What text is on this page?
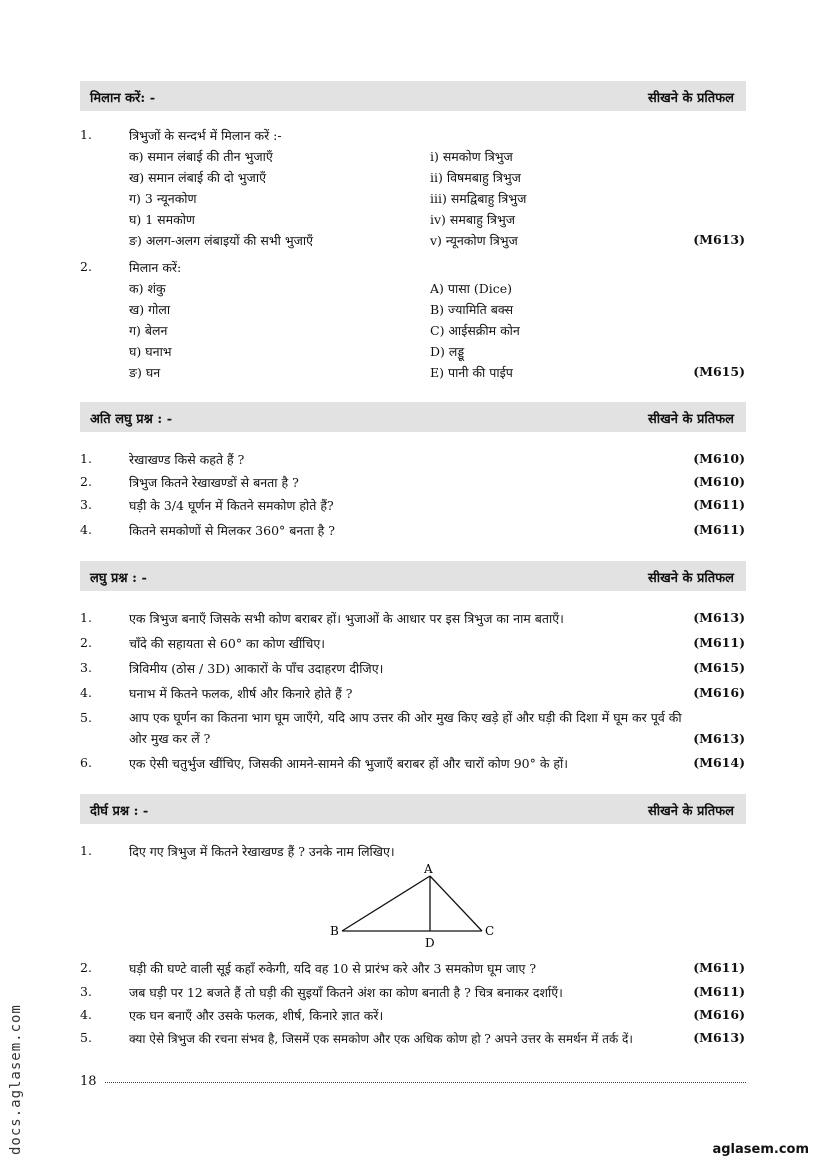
मिलान करें: -	सीखने के प्रतिफल
1.	त्रिभुजों के सन्दर्भ में मिलान करें :-
क) समान लंबाई की तीन भुजाएँ	i) समकोण त्रिभुज
ख) समान लंबाई की दो भुजाएँ	ii) विषमबाहु त्रिभुज
ग) 3 न्यूनकोण	iii) समद्विबाहु त्रिभुज
घ) 1 समकोण	iv) समबाहु त्रिभुज
ङ) अलग-अलग लंबाइयों की सभी भुजाएँ	v) न्यूनकोण त्रिभुज	(M613)
2.	मिलान करें:
क) शंकु	A) पासा (Dice)
ख) गोला	B) ज्यामिति बक्स
ग) बेलन	C) आईसक्रीम कोन
घ) घनाभ	D) लड्डू
ङ) घन	E) पानी की पाईप	(M615)
अति लघु प्रश्न : -	सीखने के प्रतिफल
1.	रेखाखण्ड किसे कहते हैं ?	(M610)
2.	त्रिभुज कितने रेखाखण्डों से बनता है ?	(M610)
3.	घड़ी के 3/4 घूर्णन में कितने समकोण होते हैं?	(M611)
4.	कितने समकोणों से मिलकर 360° बनता है ?	(M611)
लघु प्रश्न : -	सीखने के प्रतिफल
1.	एक त्रिभुज बनाएँ जिसके सभी कोण बराबर हों। भुजाओं के आधार पर इस त्रिभुज का नाम बताएँ।	(M613)
2.	चाँदे की सहायता से 60° का कोण खींचिए।	(M611)
3.	त्रिविमीय (ठोस / 3D) आकारों के पाँच उदाहरण दीजिए।	(M615)
4.	घनाभ में कितने फलक, शीर्ष और किनारे होते हैं ?	(M616)
5.	आप एक घूर्णन का कितना भाग घूम जाएँगे, यदि आप उत्तर की ओर मुख किए खड़े हों और घड़ी की दिशा में घूम कर पूर्व की ओर मुख कर लें ?	(M613)
6.	एक ऐसी चतुर्भुज खींचिए, जिसकी आमने-सामने की भुजाएँ बराबर हों और चारों कोण 90° के हों।	(M614)
दीर्घ प्रश्न : -	सीखने के प्रतिफल
1.	दिए गए त्रिभुज में कितने रेखाखण्ड हैं ? उनके नाम लिखिए।
A
B	C
D
2.	घड़ी की घण्टे वाली सूई कहाँ रुकेगी, यदि वह 10 से प्रारंभ करे और 3 समकोण घूम जाए ?	(M611)
3.	जब घड़ी पर 12 बजते हैं तो घड़ी की सुइयाँ कितने अंश का कोण बनाती है ? चित्र बनाकर दर्शाएँ।	(M611)
4.	एक घन बनाएँ और उसके फलक, शीर्ष, किनारे ज्ञात करें।	(M616)
5.	क्या ऐसे त्रिभुज की रचना संभव है, जिसमें एक समकोण और एक अधिक कोण हो ? अपने उत्तर के समर्थन में तर्क दें।	(M613)
18
docs.aglasem.com	aglasem.com
